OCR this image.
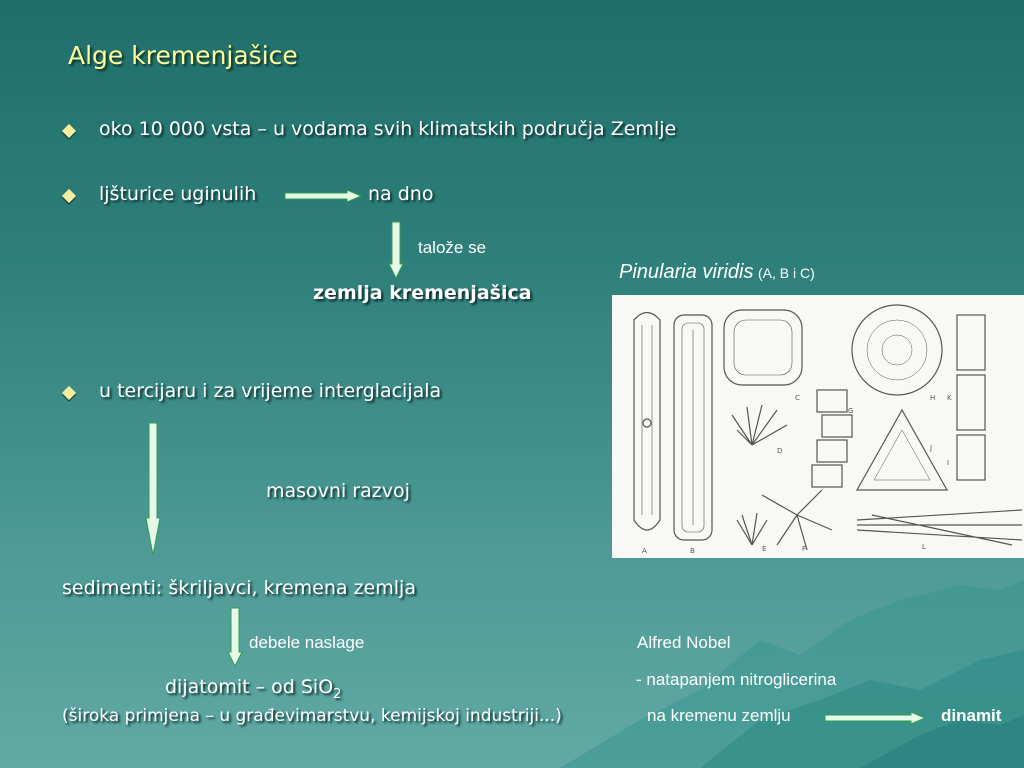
Alge kremenjašice
oko 10 000 vsta – u vodama svih klimatskih područja Zemlje
ljšturice uginulih	na dno
talože se
zemlja kremenjašica
u tercijaru i za vrijeme interglacijala
masovni razvoj
sedimenti: škriljavci, kremena zemlja
debele naslage
dijatomit – od SiO$_2$
(široka primjena – u građevimarstvu, kemijskoj industriji...)
Pinularia viridis (A, B i C)
A	B
C
D
E	F
G
H
I
J
K
L
Alfred Nobel
- natapanjem nitroglicerina
na kremenu zemlju	dinamit
